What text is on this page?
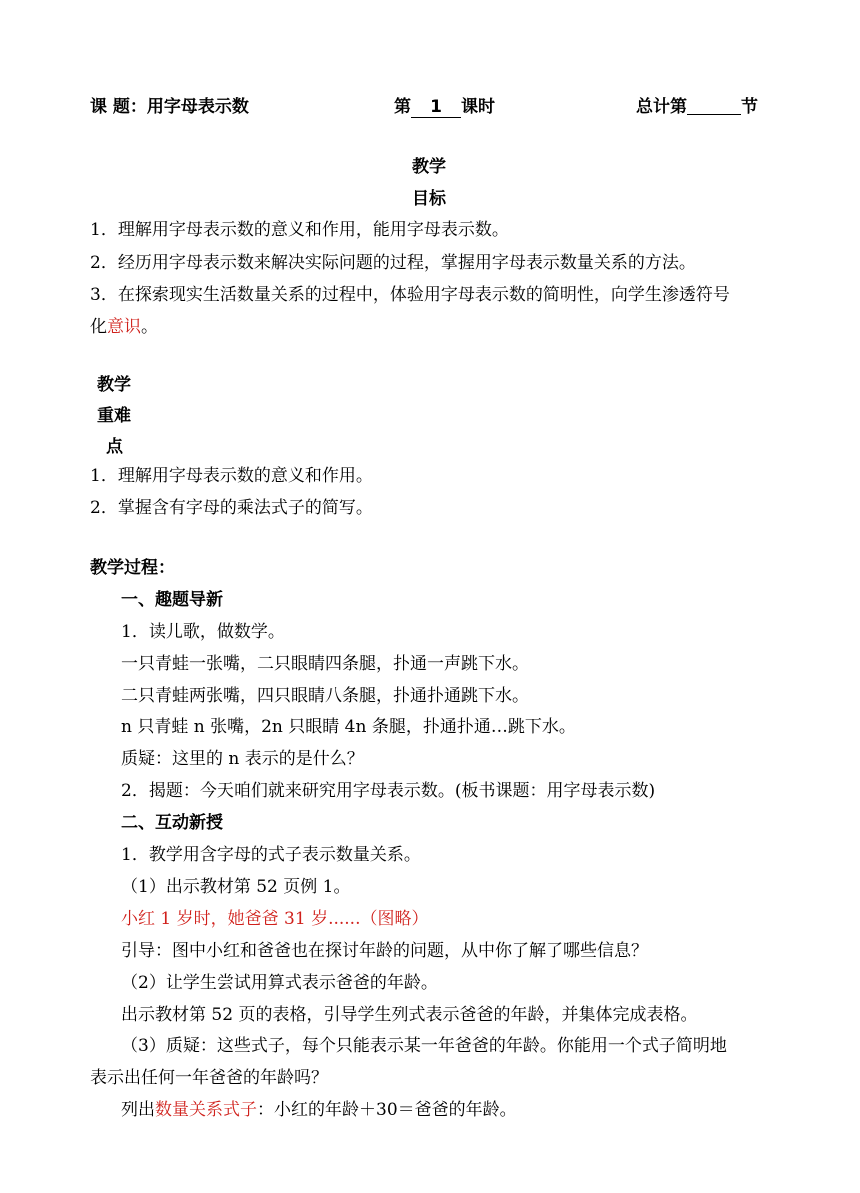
课 题：用字母表示数	第 1 课时	总计第	节
教学
目标
1．理解用字母表示数的意义和作用，能用字母表示数。
2．经历用字母表示数来解决实际问题的过程，掌握用字母表示数量关系的方法。
3．在探索现实生活数量关系的过程中，体验用字母表示数的简明性，向学生渗透符号
化意识。
教学
重难
点
1．理解用字母表示数的意义和作用。
2．掌握含有字母的乘法式子的简写。
教学过程：
一、趣题导新
1．读儿歌，做数学。
一只青蛙一张嘴，二只眼睛四条腿，扑通一声跳下水。
二只青蛙两张嘴，四只眼睛八条腿，扑通扑通跳下水。
n 只青蛙 n 张嘴，2n 只眼睛 4n 条腿，扑通扑通…跳下水。
质疑：这里的 n 表示的是什么？
2．揭题：今天咱们就来研究用字母表示数。(板书课题：用字母表示数)
二、互动新授
1．教学用含字母的式子表示数量关系。
（1）出示教材第 52 页例 1。
小红 1 岁时，她爸爸 31 岁......（图略）
引导：图中小红和爸爸也在探讨年龄的问题，从中你了解了哪些信息？
（2）让学生尝试用算式表示爸爸的年龄。
出示教材第 52 页的表格，引导学生列式表示爸爸的年龄，并集体完成表格。
（3）质疑：这些式子，每个只能表示某一年爸爸的年龄。你能用一个式子简明地
表示出任何一年爸爸的年龄吗？
列出数量关系式子：小红的年龄＋30＝爸爸的年龄。
